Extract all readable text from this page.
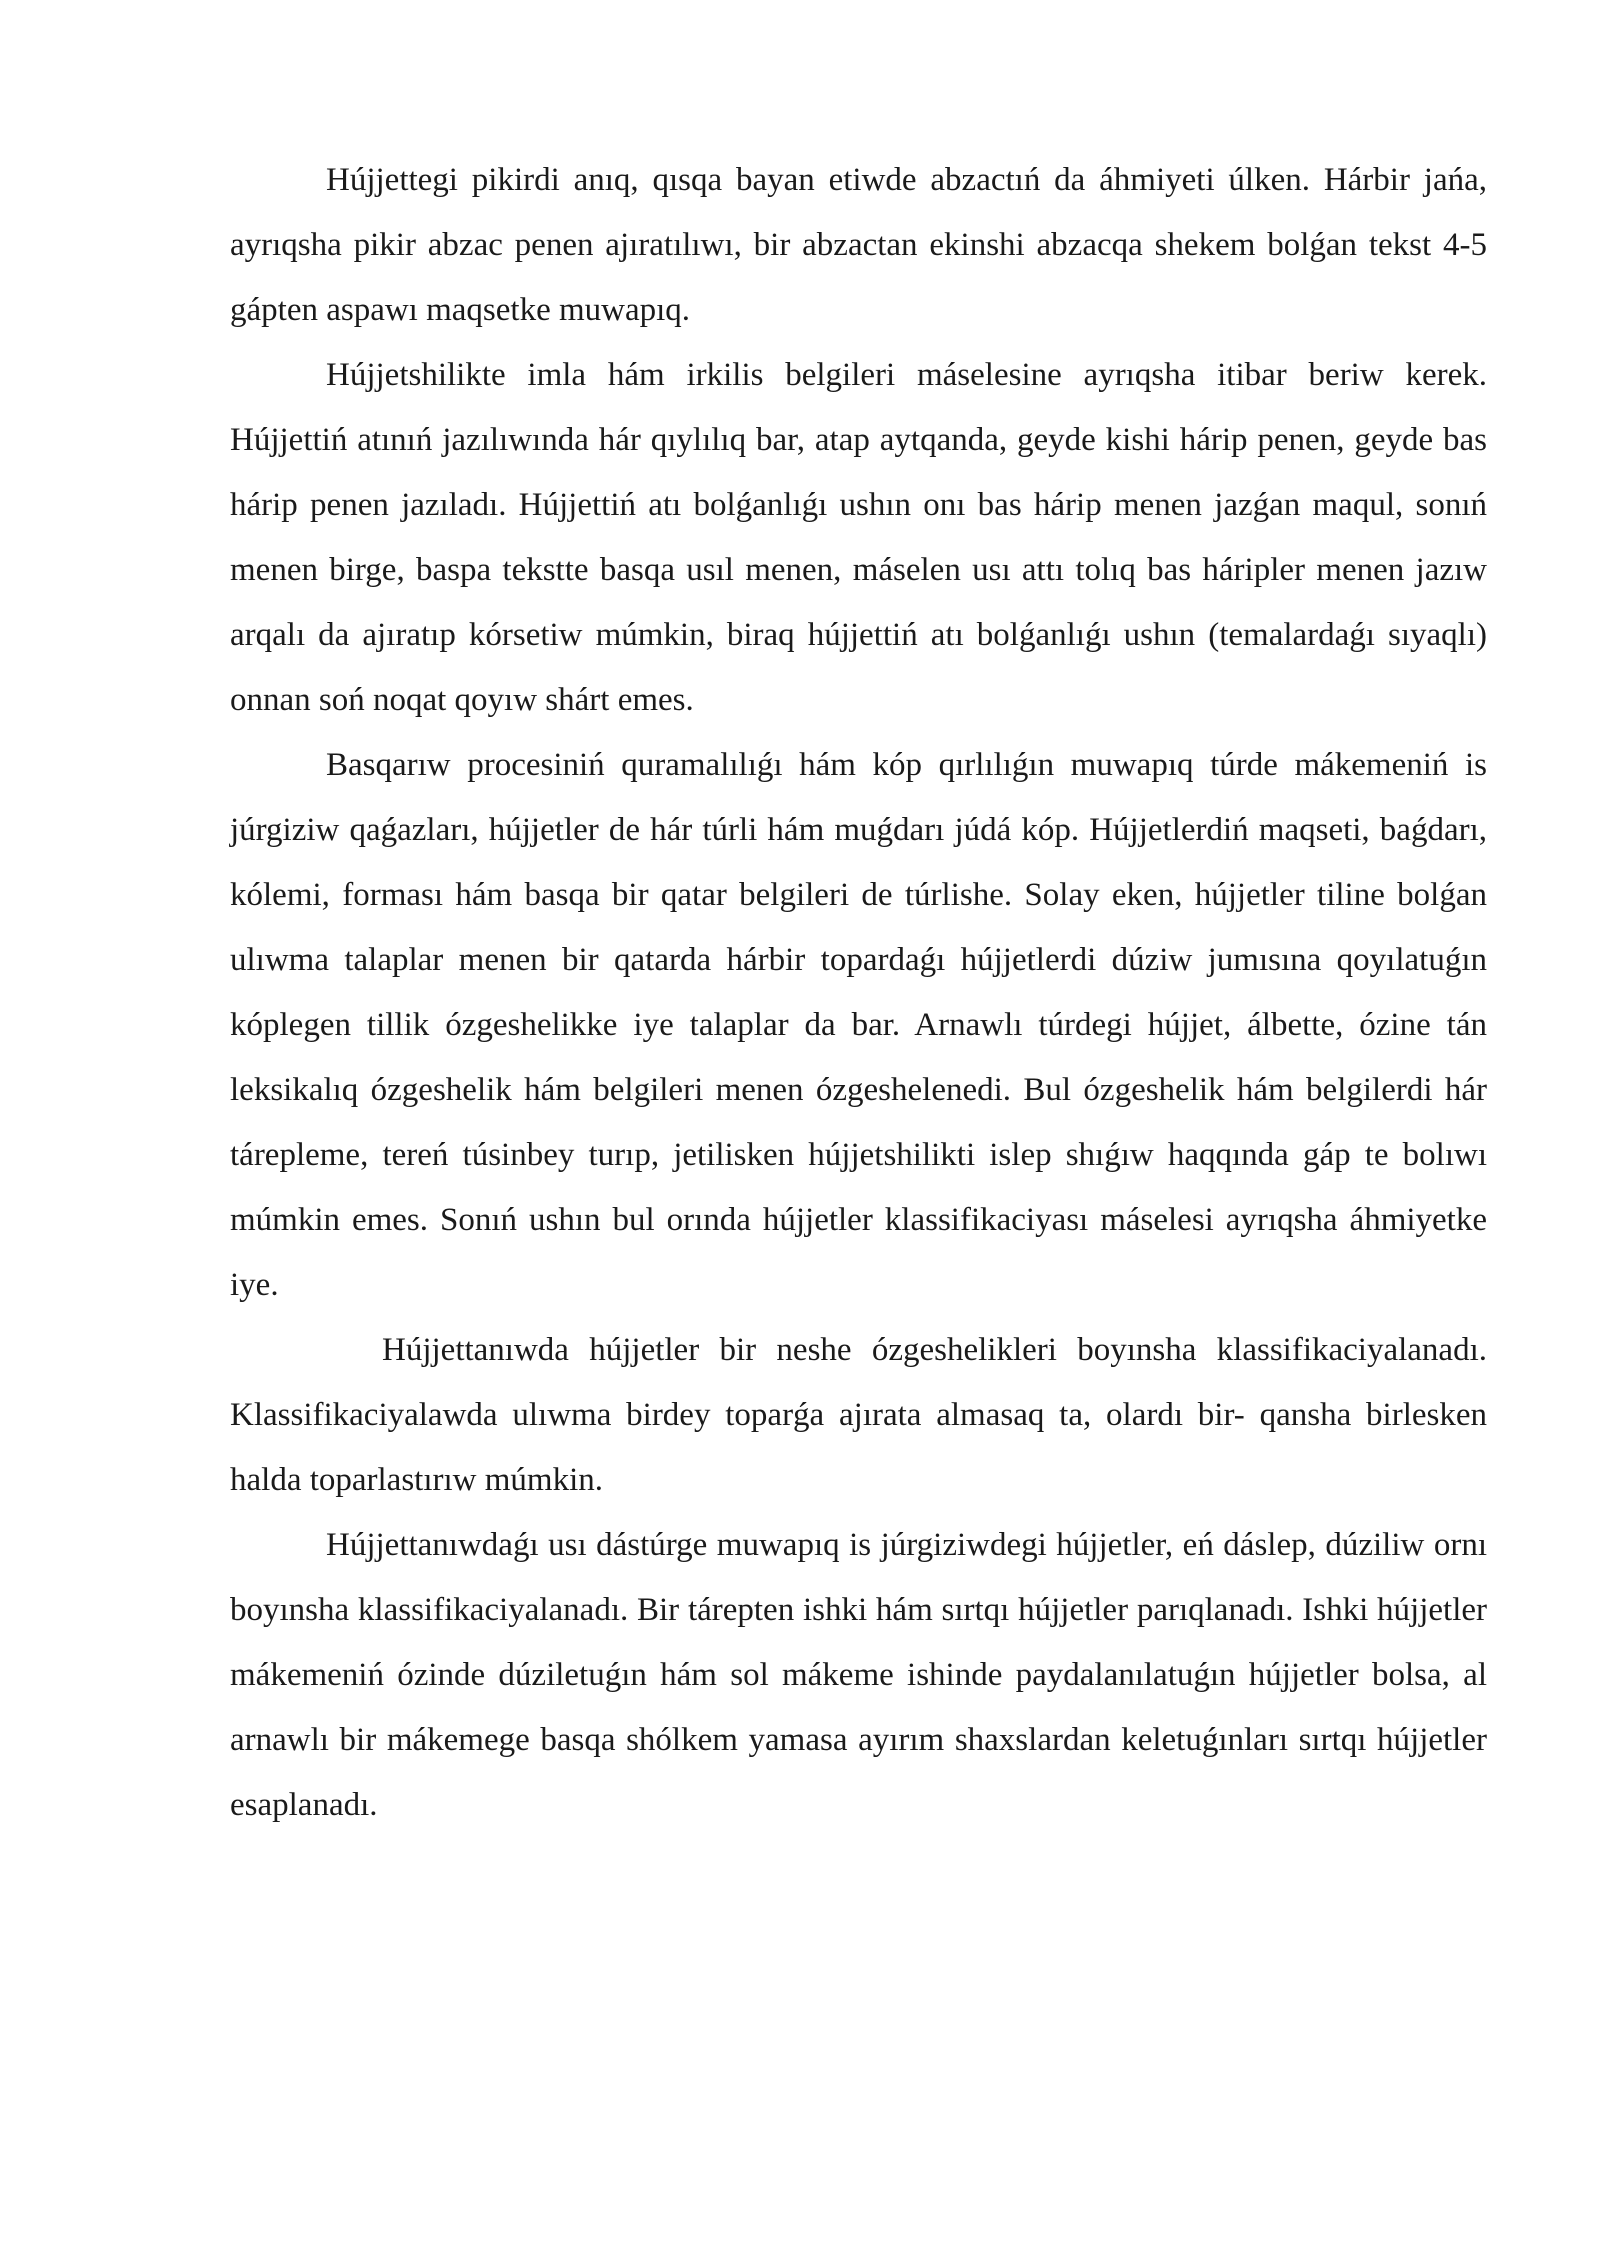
Hújjettegi pikirdi anıq, qısqa bayan etiwde abzactıń da áhmiyeti úlken. Hárbir jańa, ayrıqsha pikir abzac penen ajıratılıwı, bir abzactan ekinshi abzacqa shekem bolǵan tekst 4-5 gápten aspawı maqsetke muwapıq.

Hújjetshilikte imla hám irkilis belgileri máselesine ayrıqsha itibar beriw kerek. Hújjettiń atınıń jazılıwında hár qıylılıq bar, atap aytqanda, geyde kishi hárip penen, geyde bas hárip penen jazıladı. Hújjettiń atı bolǵanlıǵı ushın onı bas hárip menen jazǵan maqul, sonıń menen birge, baspa tekstte basqa usıl menen, máselen usı attı tolıq bas háripler menen jazıw arqalı da ajıratıp kórsetiw múmkin, biraq hújjettiń atı bolǵanlıǵı ushın (temalardaǵı sıyaqlı) onnan soń noqat qoyıw shárt emes.

Basqarıw procesiniń quramalılıǵı hám kóp qırlılıǵın muwapıq túrde mákemeniń is júrgiziw qaǵazları, hújjetler de hár túrli hám muǵdarı júdá kóp. Hújjetlerdiń maqseti, baǵdarı, kólemi, forması hám basqa bir qatar belgileri de túrlishe. Solay eken, hújjetler tiline bolǵan ulıwma talaplar menen bir qatarda hárbir topardaǵı hújjetlerdi dúziw jumısına qoyılatuǵın kóplegen tillik ózgeshelikke iye talaplar da bar. Arnawlı túrdegi hújjet, álbette, ózine tán leksikalıq ózgeshelik hám belgileri menen ózgeshelenedi. Bul ózgeshelik hám belgilerdi hár tárepleme, tereń túsinbey turıp, jetilisken hújjetshilikti islep shıǵıw haqqında gáp te bolıwı múmkin emes. Sonıń ushın bul orında hújjetler klassifikaciyası máselesi ayrıqsha áhmiyetke iye.

Hújjettanıwda hújjetler bir neshe ózgeshelikleri boyınsha klassifikaciyalanadı. Klassifikaciyalawda ulıwma birdey toparǵa ajırata almasaq ta, olardı bir- qansha birlesken halda toparlastırıw múmkin.

Hújjettanıwdaǵı usı dástúrge muwapıq is júrgiziwdegi hújjetler, eń dáslep, dúziliw ornı boyınsha klassifikaciyalanadı. Bir tárepten ishki hám sırtqı hújjetler parıqlanadı. Ishki hújjetler mákemeniń ózinde dúziletuǵın hám sol mákeme ishinde paydalanılatuǵın hújjetler bolsa, al arnawlı bir mákemege basqa shólkem yamasa ayırım shaxslardan keletuǵınları sırtqı hújjetler esaplanadı.
